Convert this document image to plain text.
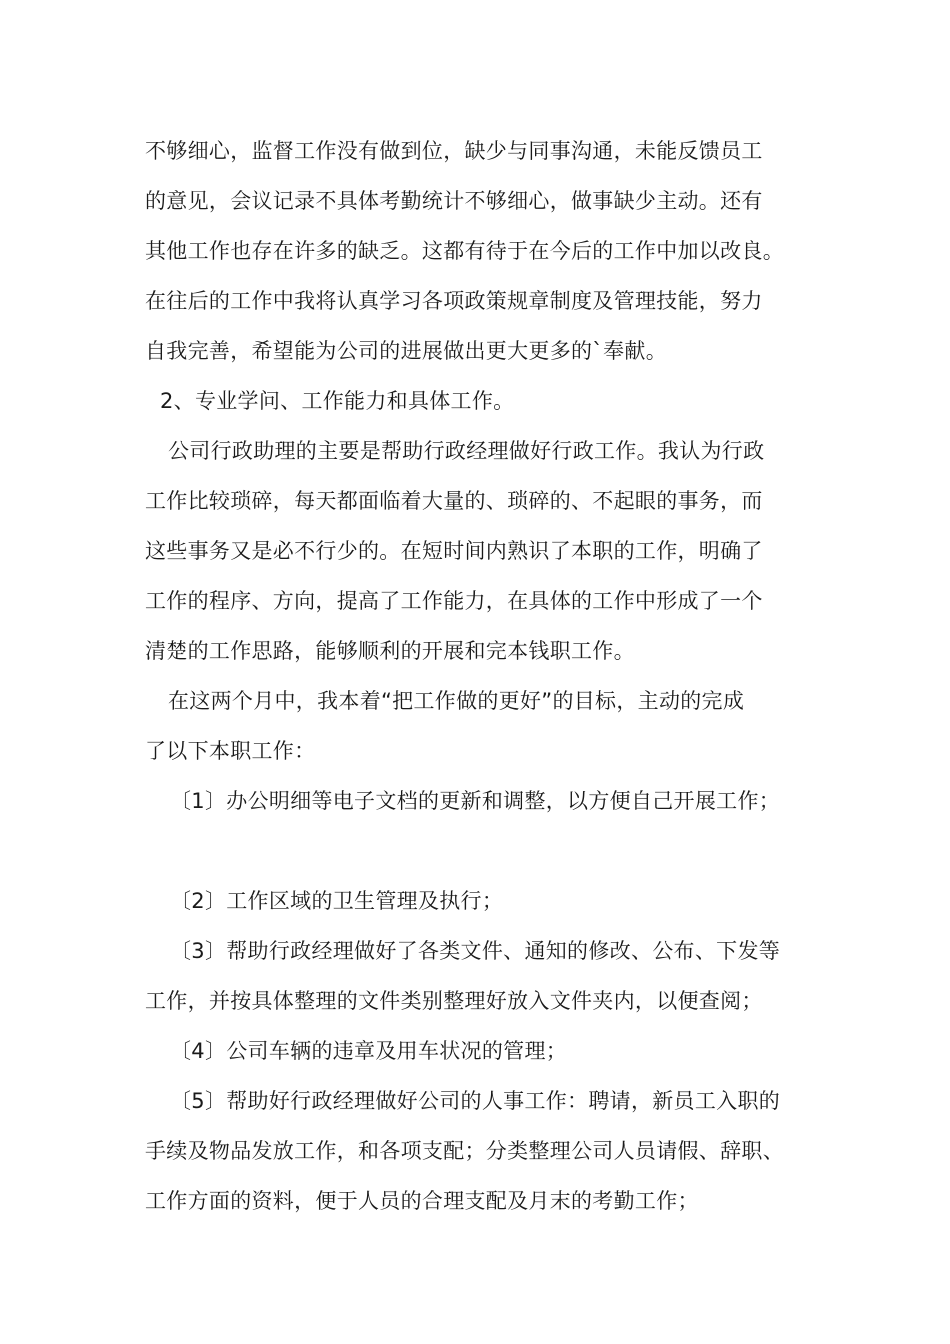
不够细心，监督工作没有做到位，缺少与同事沟通，未能反馈员工
的意见，会议记录不具体考勤统计不够细心，做事缺少主动。还有
其他工作也存在许多的缺乏。这都有待于在今后的工作中加以改良。
在往后的工作中我将认真学习各项政策规章制度及管理技能，努力
自我完善，希望能为公司的进展做出更大更多的`奉献。
2、专业学问、工作能力和具体工作。
公司行政助理的主要是帮助行政经理做好行政工作。我认为行政
工作比较琐碎，每天都面临着大量的、琐碎的、不起眼的事务，而
这些事务又是必不行少的。在短时间内熟识了本职的工作，明确了
工作的程序、方向，提高了工作能力，在具体的工作中形成了一个
清楚的工作思路，能够顺利的开展和完本钱职工作。
在这两个月中，我本着“把工作做的更好”的目标，主动的完成
了以下本职工作：
〔1〕办公明细等电子文档的更新和调整，以方便自己开展工作；
〔2〕工作区域的卫生管理及执行；
〔3〕帮助行政经理做好了各类文件、通知的修改、公布、下发等
工作，并按具体整理的文件类别整理好放入文件夹内，以便查阅；
〔4〕公司车辆的违章及用车状况的管理；
〔5〕帮助好行政经理做好公司的人事工作：聘请，新员工入职的
手续及物品发放工作，和各项支配；分类整理公司人员请假、辞职、
工作方面的资料，便于人员的合理支配及月末的考勤工作；
